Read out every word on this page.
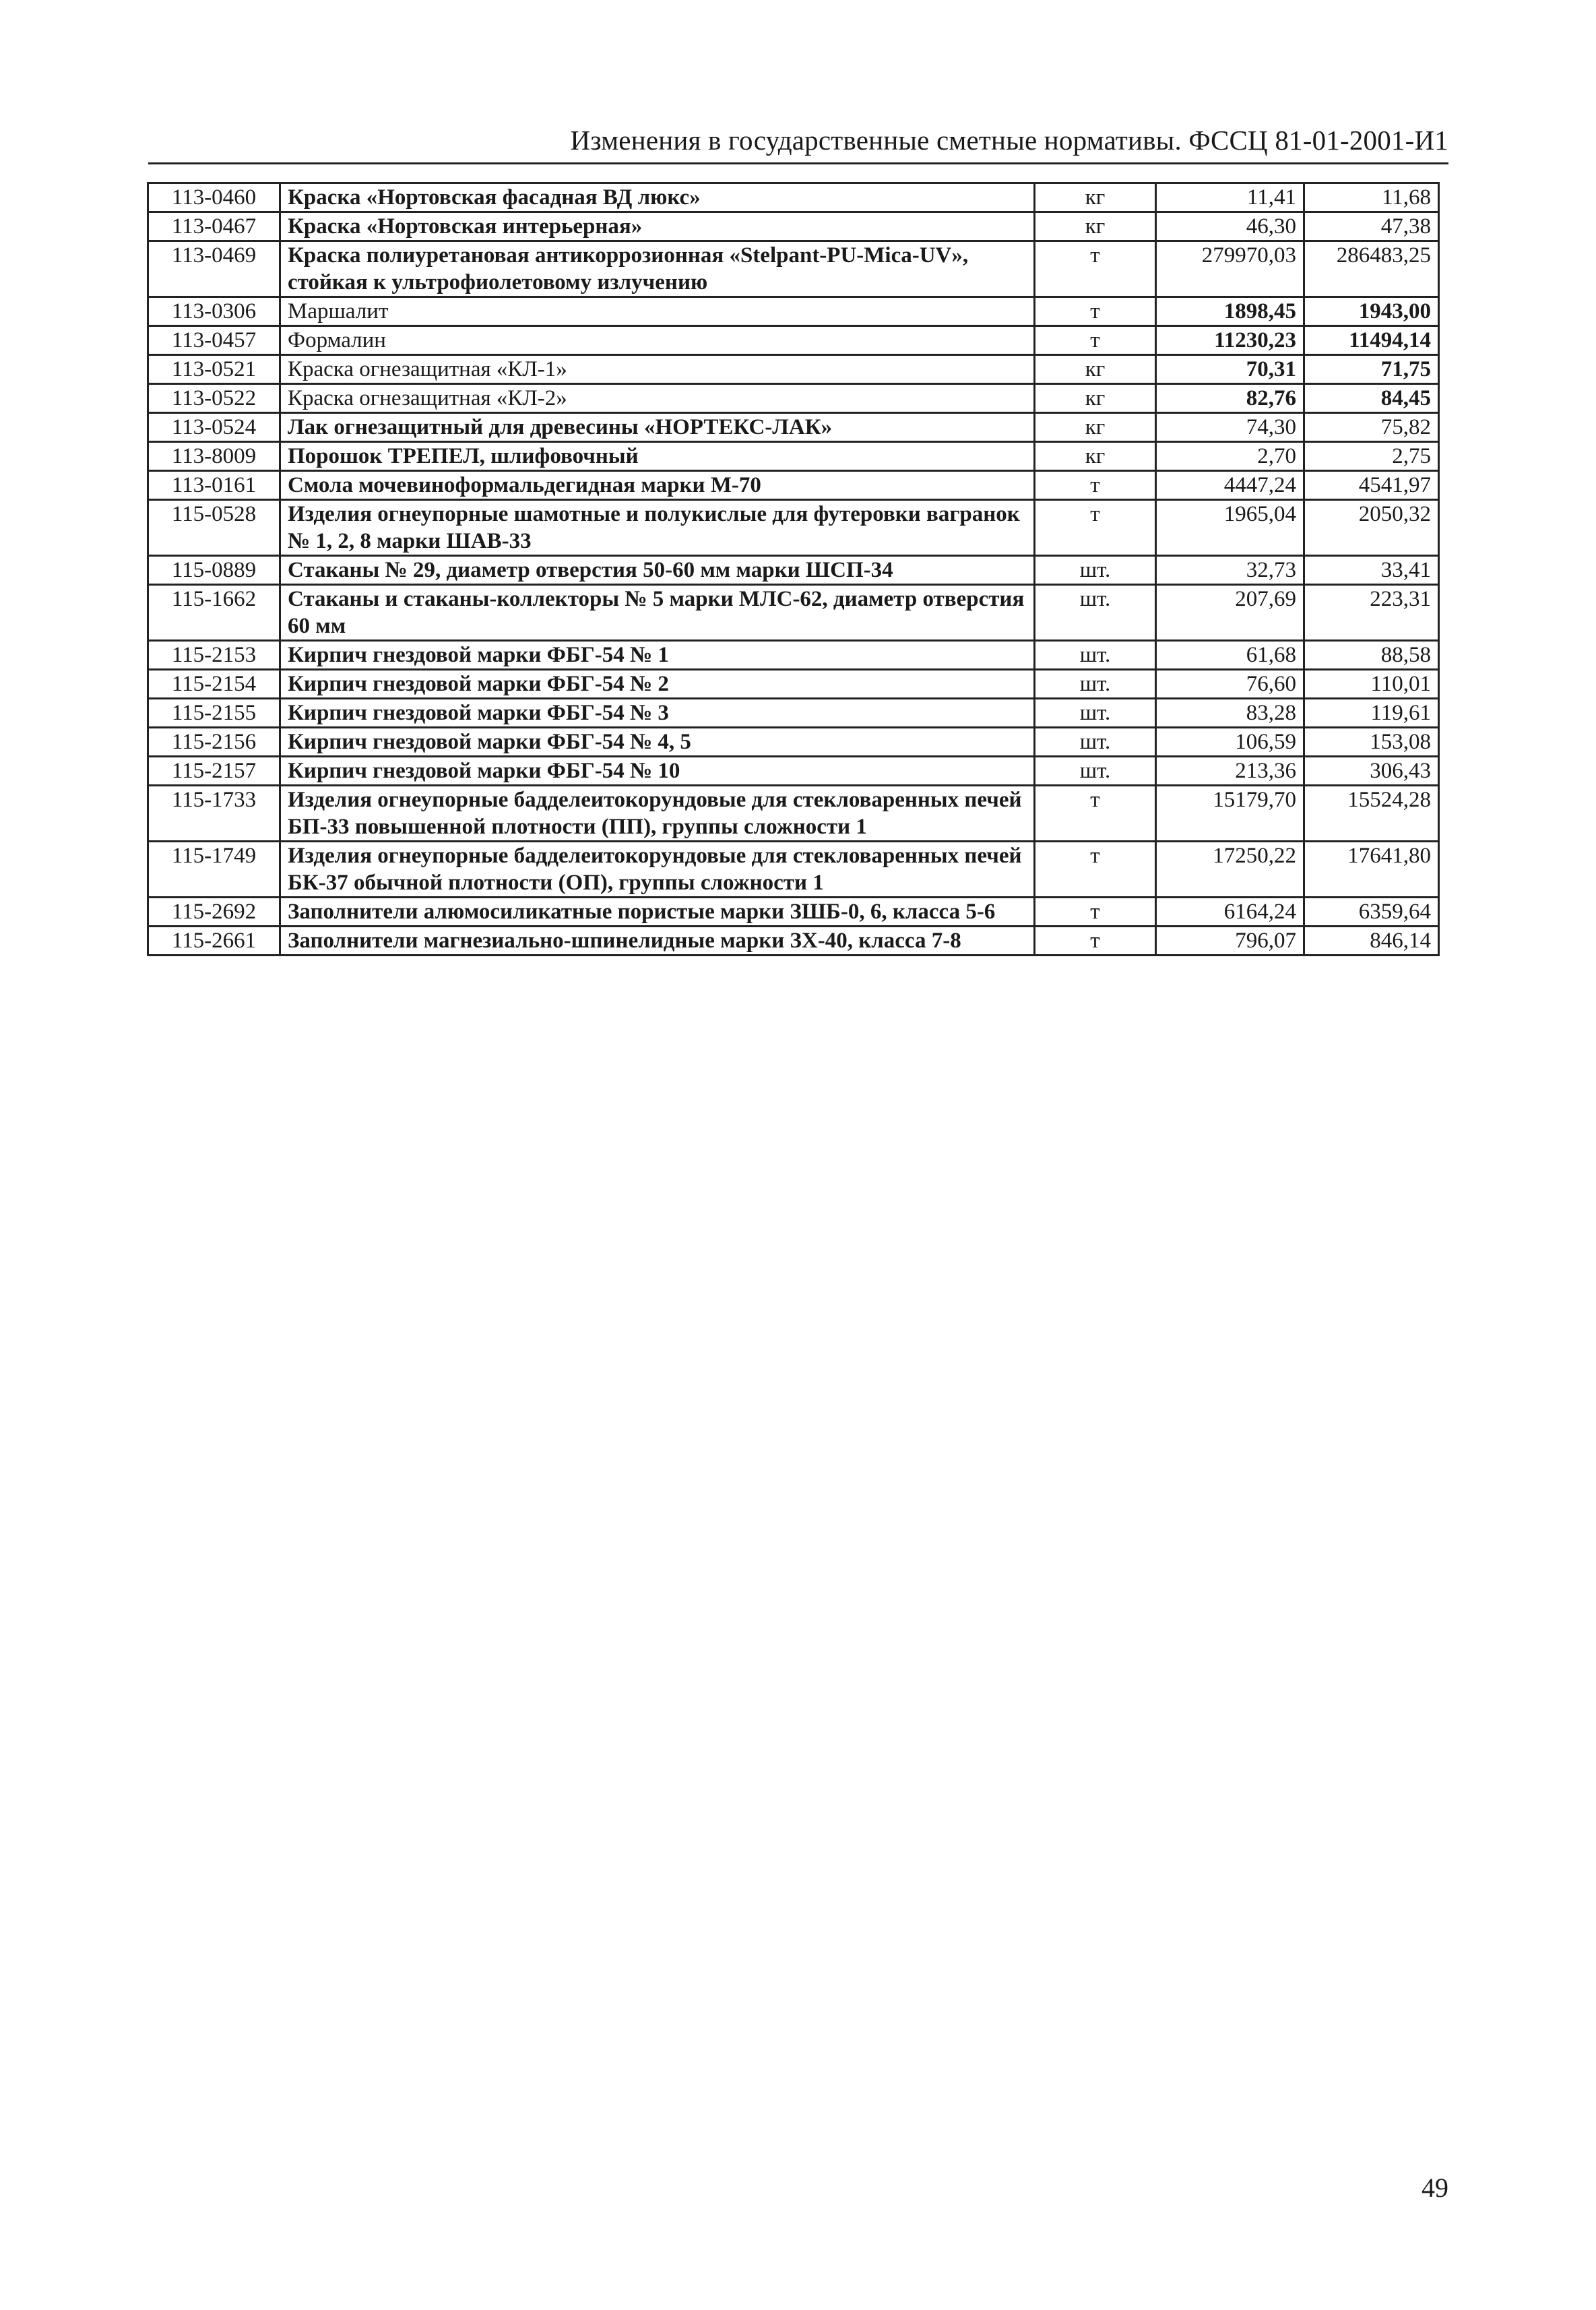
Изменения в государственные сметные нормативы. ФССЦ 81-01-2001-И1
113-0460	Краска «Нортовская фасадная ВД люкс»	кг	11,41	11,68
113-0467	Краска «Нортовская интерьерная»	кг	46,30	47,38
113-0469	Краска полиуретановая антикоррозионная «Stelpant-PU-Mica-UV», стойкая к ультрофиолетовому излучению	т	279970,03	286483,25
113-0306	Маршалит	т	1898,45	1943,00
113-0457	Формалин	т	11230,23	11494,14
113-0521	Краска огнезащитная «КЛ-1»	кг	70,31	71,75
113-0522	Краска огнезащитная «КЛ-2»	кг	82,76	84,45
113-0524	Лак огнезащитный для древесины «НОРТЕКС-ЛАК»	кг	74,30	75,82
113-8009	Порошок ТРЕПЕЛ, шлифовочный	кг	2,70	2,75
113-0161	Смола мочевиноформальдегидная марки М-70	т	4447,24	4541,97
115-0528	Изделия огнеупорные шамотные и полукислые для футеровки вагранок № 1, 2, 8 марки ШАВ-33	т	1965,04	2050,32
115-0889	Стаканы № 29, диаметр отверстия 50-60 мм марки ШСП-34	шт.	32,73	33,41
115-1662	Стаканы и стаканы-коллекторы № 5 марки МЛС-62, диаметр отверстия 60 мм	шт.	207,69	223,31
115-2153	Кирпич гнездовой марки ФБГ-54 № 1	шт.	61,68	88,58
115-2154	Кирпич гнездовой марки ФБГ-54 № 2	шт.	76,60	110,01
115-2155	Кирпич гнездовой марки ФБГ-54 № 3	шт.	83,28	119,61
115-2156	Кирпич гнездовой марки ФБГ-54 № 4, 5	шт.	106,59	153,08
115-2157	Кирпич гнездовой марки ФБГ-54 № 10	шт.	213,36	306,43
115-1733	Изделия огнеупорные бадделеитокорундовые для стекловаренных печей БП-33 повышенной плотности (ПП), группы сложности 1	т	15179,70	15524,28
115-1749	Изделия огнеупорные бадделеитокорундовые для стекловаренных печей БК-37 обычной плотности (ОП), группы сложности 1	т	17250,22	17641,80
115-2692	Заполнители алюмосиликатные пористые марки ЗШБ-0, 6, класса 5-6	т	6164,24	6359,64
115-2661	Заполнители магнезиально-шпинелидные марки ЗХ-40, класса 7-8	т	796,07	846,14
49
